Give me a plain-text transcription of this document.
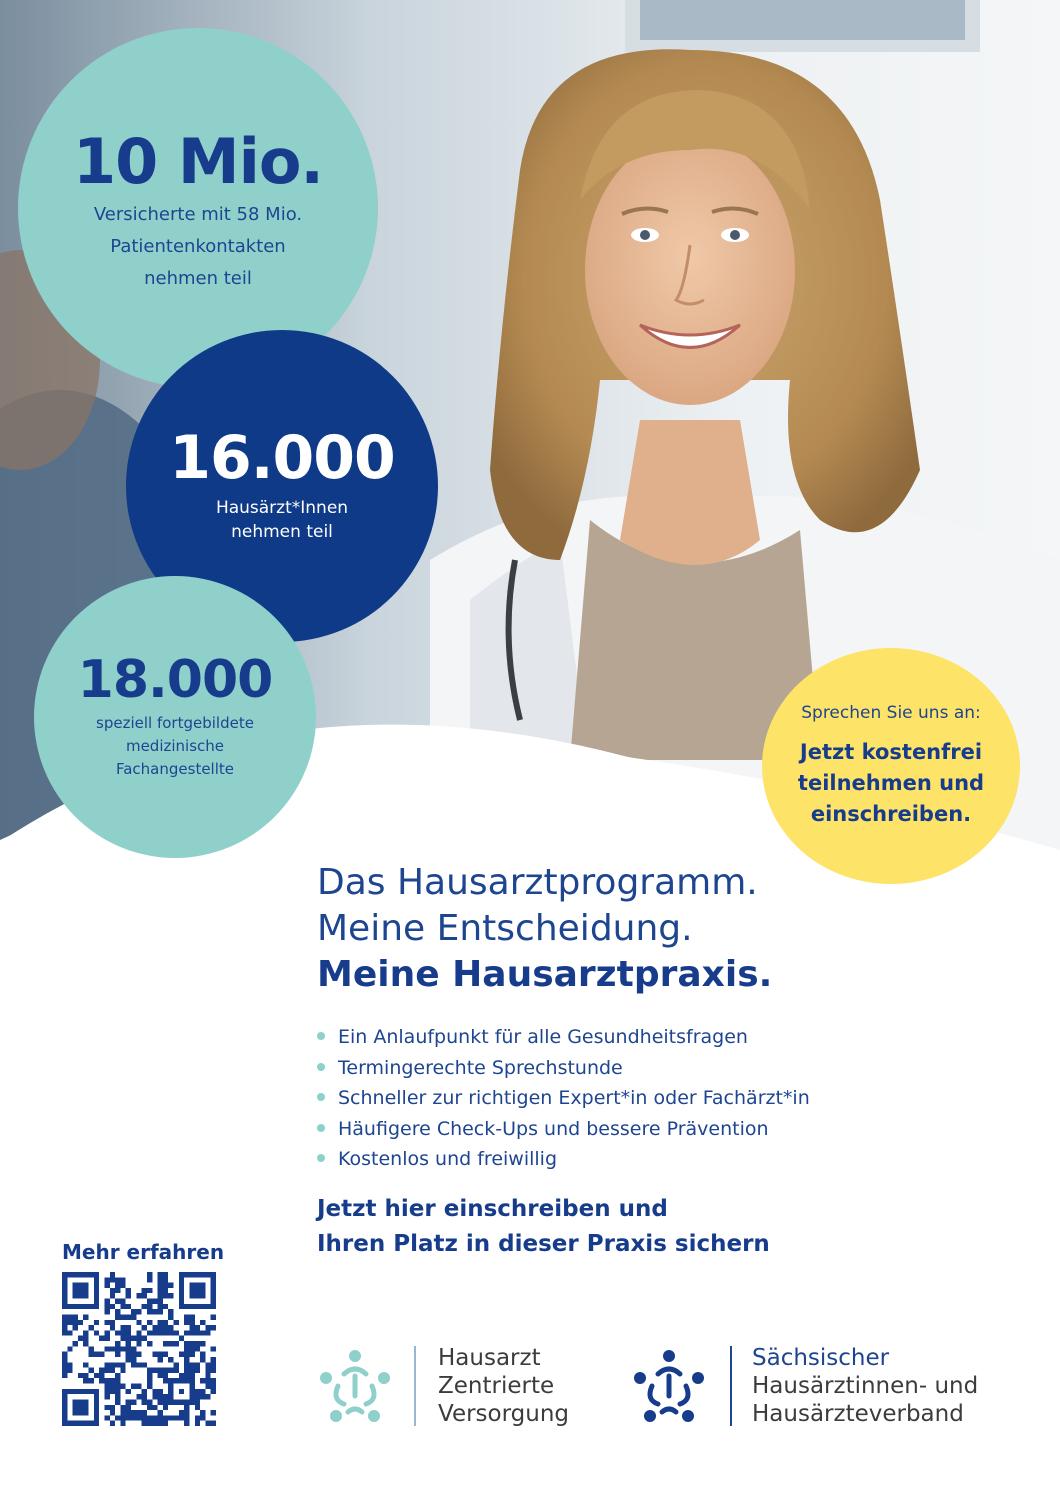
10 Mio.
Versicherte mit 58 Mio.
Patientenkontakten
nehmen teil
16.000
Hausärzt*Innen
nehmen teil
18.000
speziell fortgebildete
medizinische
Fachangestellte
Sprechen Sie uns an:
Jetzt kostenfrei
teilnehmen und
einschreiben.
Das Hausarztprogramm.
Meine Entscheidung.
Meine Hausarztpraxis.
Ein Anlaufpunkt für alle Gesundheitsfragen
Termingerechte Sprechstunde
Schneller zur richtigen Expert*in oder Fachärzt*in
Häufigere Check-Ups und bessere Prävention
Kostenlos und freiwillig
Jetzt hier einschreiben und
Ihren Platz in dieser Praxis sichern
Mehr erfahren
Hausarzt
Zentrierte
Versorgung
Sächsischer
Hausärztinnen- und
Hausärzteverband
